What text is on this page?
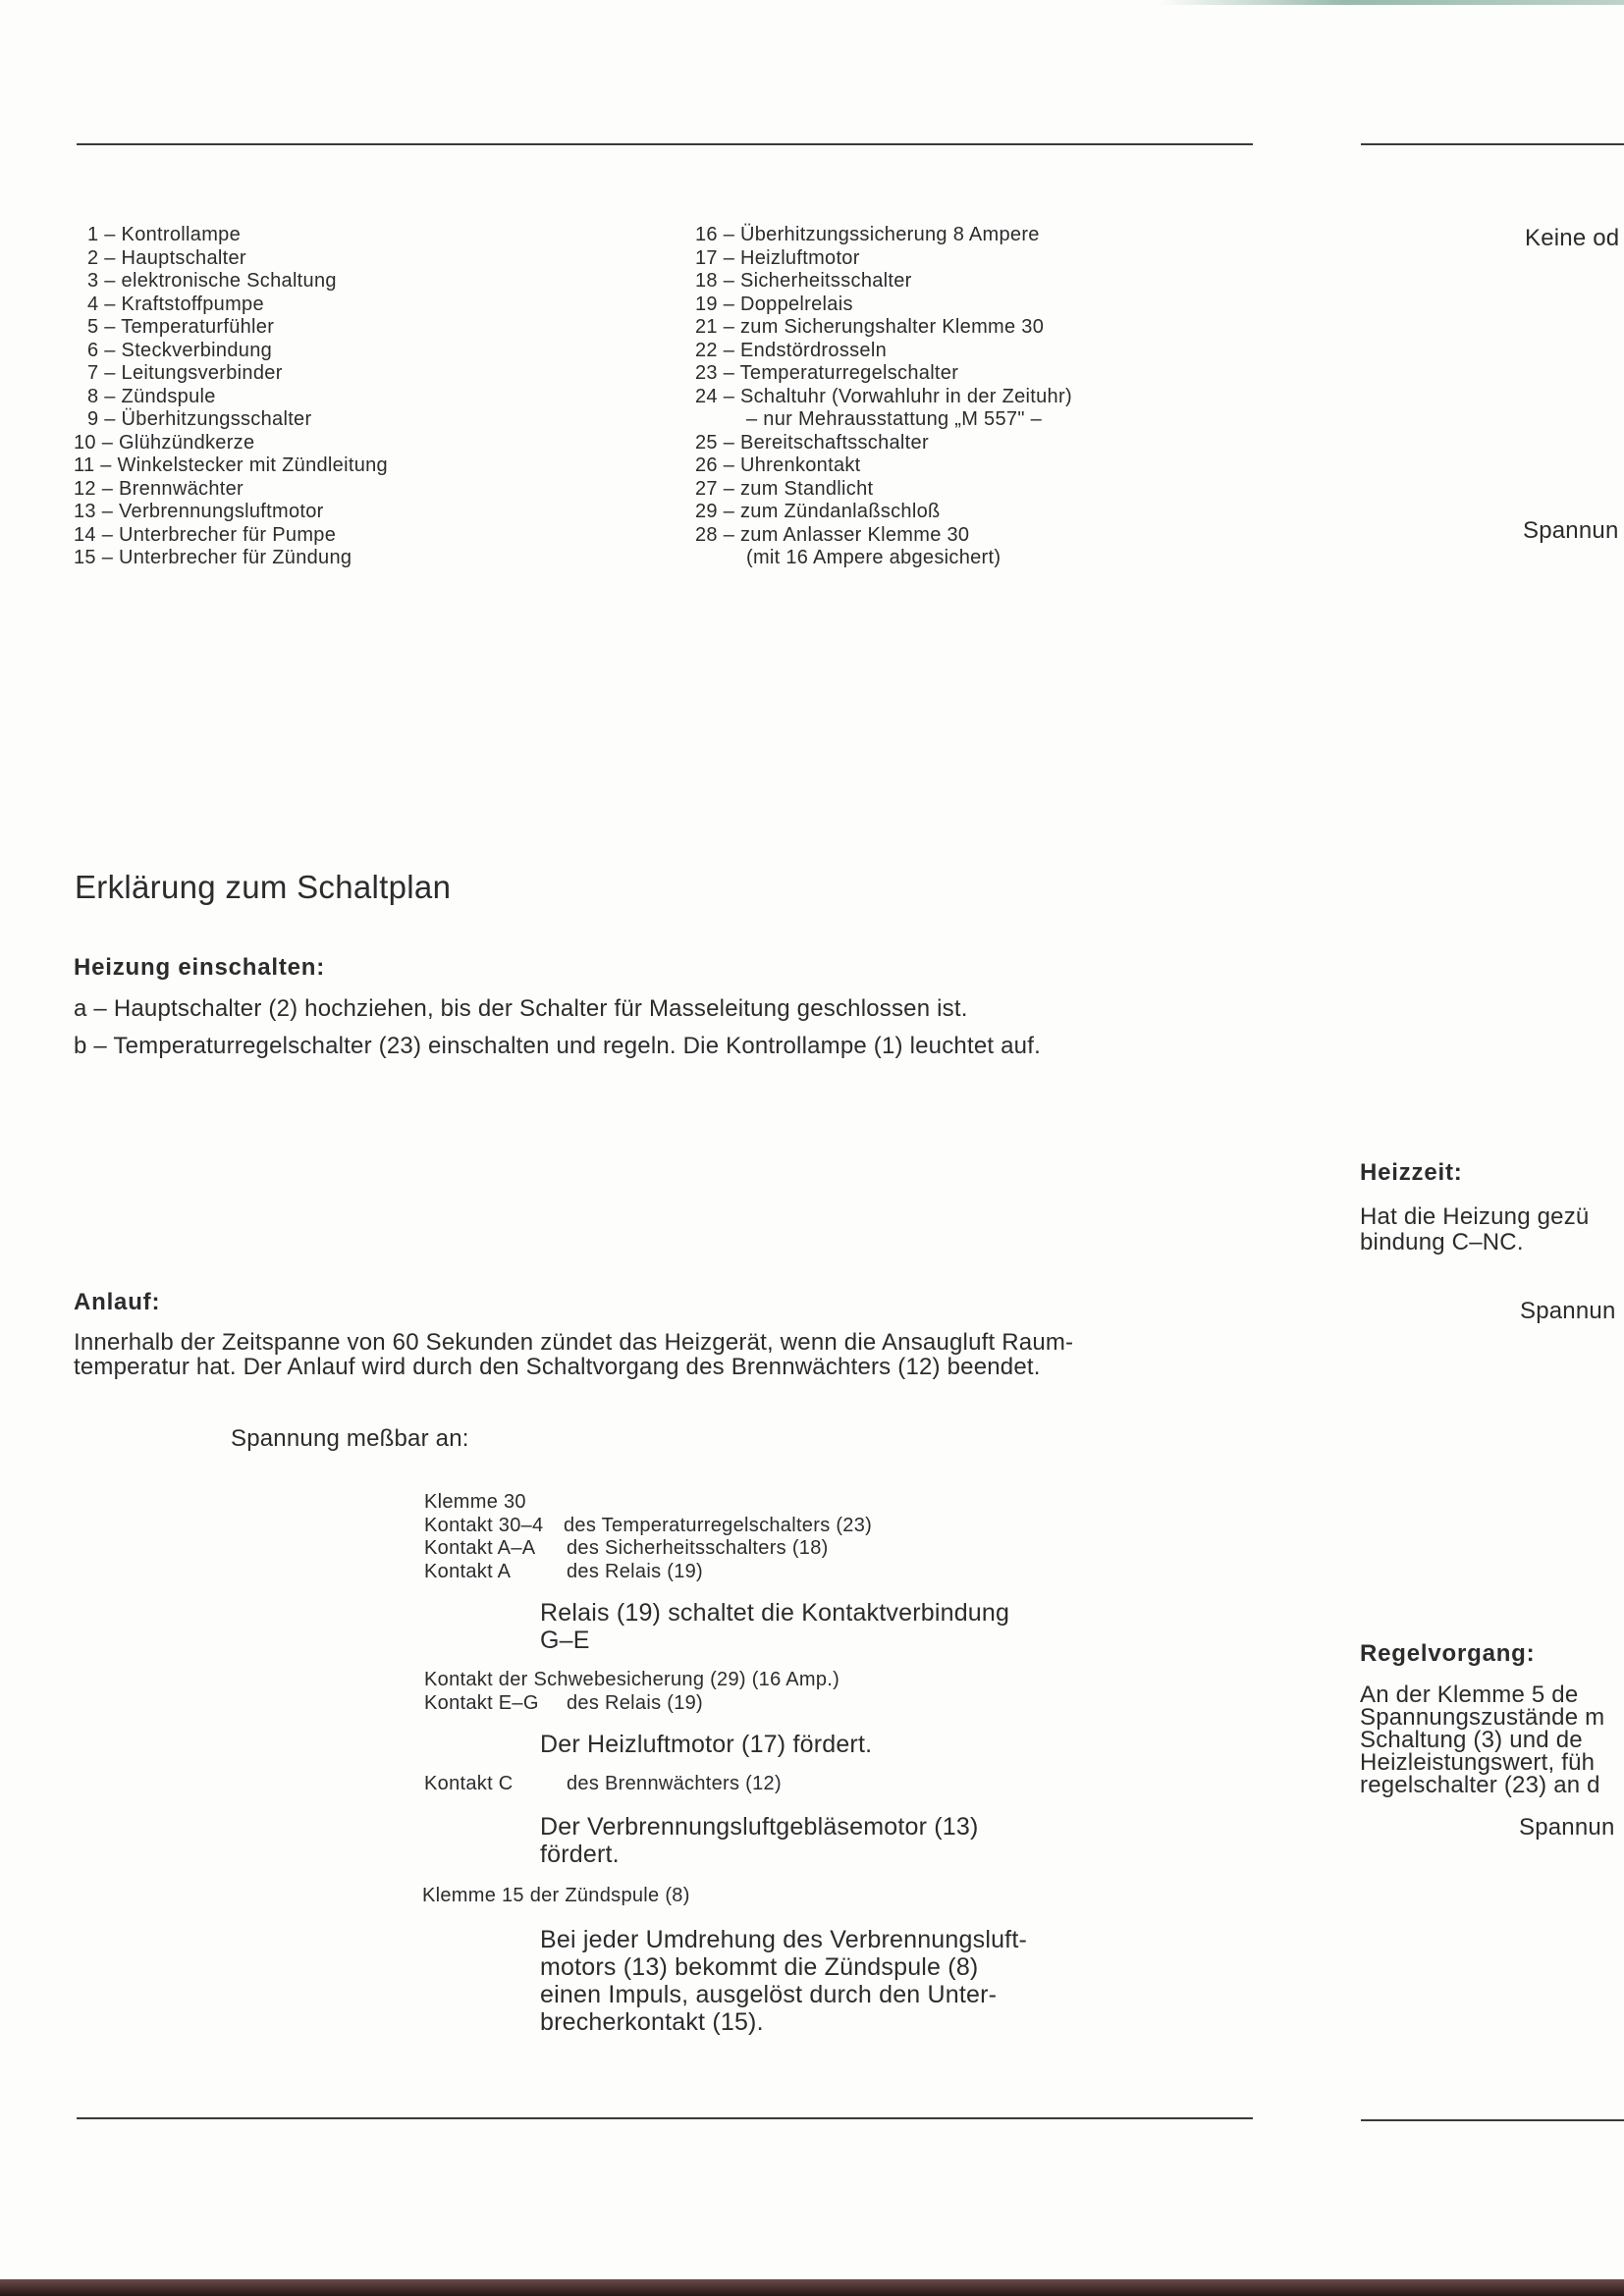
1 – Kontrollampe
2 – Hauptschalter
3 – elektronische Schaltung
4 – Kraftstoffpumpe
5 – Temperaturfühler
6 – Steckverbindung
7 – Leitungsverbinder
8 – Zündspule
9 – Überhitzungsschalter
10 – Glühzündkerze
11 – Winkelstecker mit Zündleitung
12 – Brennwächter
13 – Verbrennungsluftmotor
14 – Unterbrecher für Pumpe
15 – Unterbrecher für Zündung
16 – Überhitzungssicherung 8 Ampere
17 – Heizluftmotor
18 – Sicherheitsschalter
19 – Doppelrelais
21 – zum Sicherungshalter Klemme 30
22 – Endstördrosseln
23 – Temperaturregelschalter
24 – Schaltuhr (Vorwahluhr in der Zeituhr)
– nur Mehrausstattung „M 557" –
25 – Bereitschaftsschalter
26 – Uhrenkontakt
27 – zum Standlicht
29 – zum Zündanlaßschloß
28 – zum Anlasser Klemme 30
(mit 16 Ampere abgesichert)
Keine od
Spannun
Heizzeit:
Hat die Heizung gezü
bindung C–NC.
Spannun
Regelvorgang:
An der Klemme 5 de
Spannungszustände m
Schaltung (3) und de
Heizleistungswert, füh
regelschalter (23) an d
Spannun
Erklärung zum Schaltplan
Heizung einschalten:
a – Hauptschalter (2) hochziehen, bis der Schalter für Masseleitung geschlossen ist.
b – Temperaturregelschalter (23) einschalten und regeln. Die Kontrollampe (1) leuchtet auf.
Anlauf:
Innerhalb der Zeitspanne von 60 Sekunden zündet das Heizgerät, wenn die Ansaugluft Raum-
temperatur hat. Der Anlauf wird durch den Schaltvorgang des Brennwächters (12) beendet.
Spannung meßbar an:
Klemme 30
Kontakt 30–4 des Temperaturregelschalters (23)
Kontakt A–A des Sicherheitsschalters (18)
Kontakt A	des Relais (19)
Relais (19) schaltet die Kontaktverbindung
G–E
Kontakt der Schwebesicherung (29) (16 Amp.)
Kontakt E–G des Relais (19)
Der Heizluftmotor (17) fördert.
Kontakt C	des Brennwächters (12)
Der Verbrennungsluftgebläsemotor (13)
fördert.
Klemme 15 der Zündspule (8)
Bei jeder Umdrehung des Verbrennungsluft-
motors (13) bekommt die Zündspule (8)
einen Impuls, ausgelöst durch den Unter-
brecherkontakt (15).
